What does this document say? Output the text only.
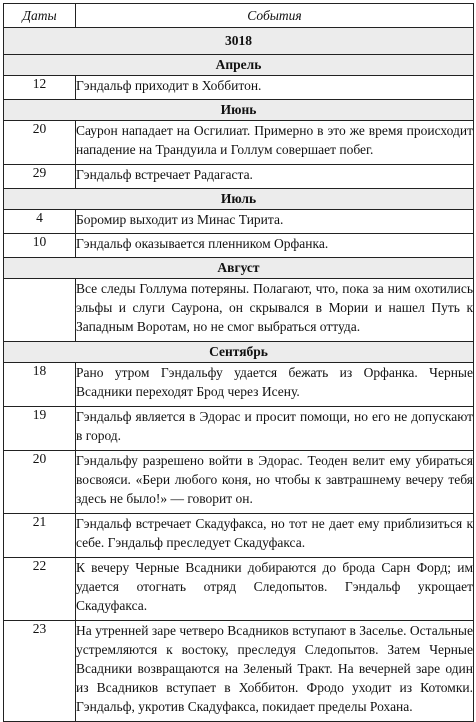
Даты	События
3018	
Апрель	
12	Гэндальф приходит в Хоббитон.
Июнь	
20	Саурон нападает на Осгилиат. Примерно в это же время происходит нападение на Трандуила и Голлум совершает побег.
29	Гэндальф встречает Радагаста.
Июль	
4	Боромир выходит из Минас Тирита.
10	Гэндальф оказывается пленником Орфанка.
Август	
	Все следы Голлума потеряны. Полагают, что, пока за ним охотились эльфы и слуги Саурона, он скрывался в Мории и нашел Путь к Западным Воротам, но не смог выбраться оттуда.
Сентябрь	
18	Рано утром Гэндальфу удается бежать из Орфанка. Черные Всадники переходят Брод через Исену.
19	Гэндальф является в Эдорас и просит помощи, но его не допускают в город.
20	Гэндальфу разрешено войти в Эдорас. Теоден велит ему убираться восвояси. «Бери любого коня, но чтобы к завтрашнему вечеру тебя здесь не было!» — говорит он.
21	Гэндальф встречает Скадуфакса, но тот не дает ему приблизиться к себе. Гэндальф преследует Скадуфакса.
22	К вечеру Черные Всадники добираются до брода Сарн Форд; им удается отогнать отряд Следопытов. Гэндальф укрощает Скадуфакса.
23	На утренней заре четверо Всадников вступают в Заселье. Остальные устремляются к востоку, преследуя Следопытов. Затем Черные Всадники возвращаются на Зеленый Тракт. На вечерней заре один из Всадников вступает в Хоббитон. Фродо уходит из Котомки. Гэндальф, укротив Скадуфакса, покидает пределы Рохана.
